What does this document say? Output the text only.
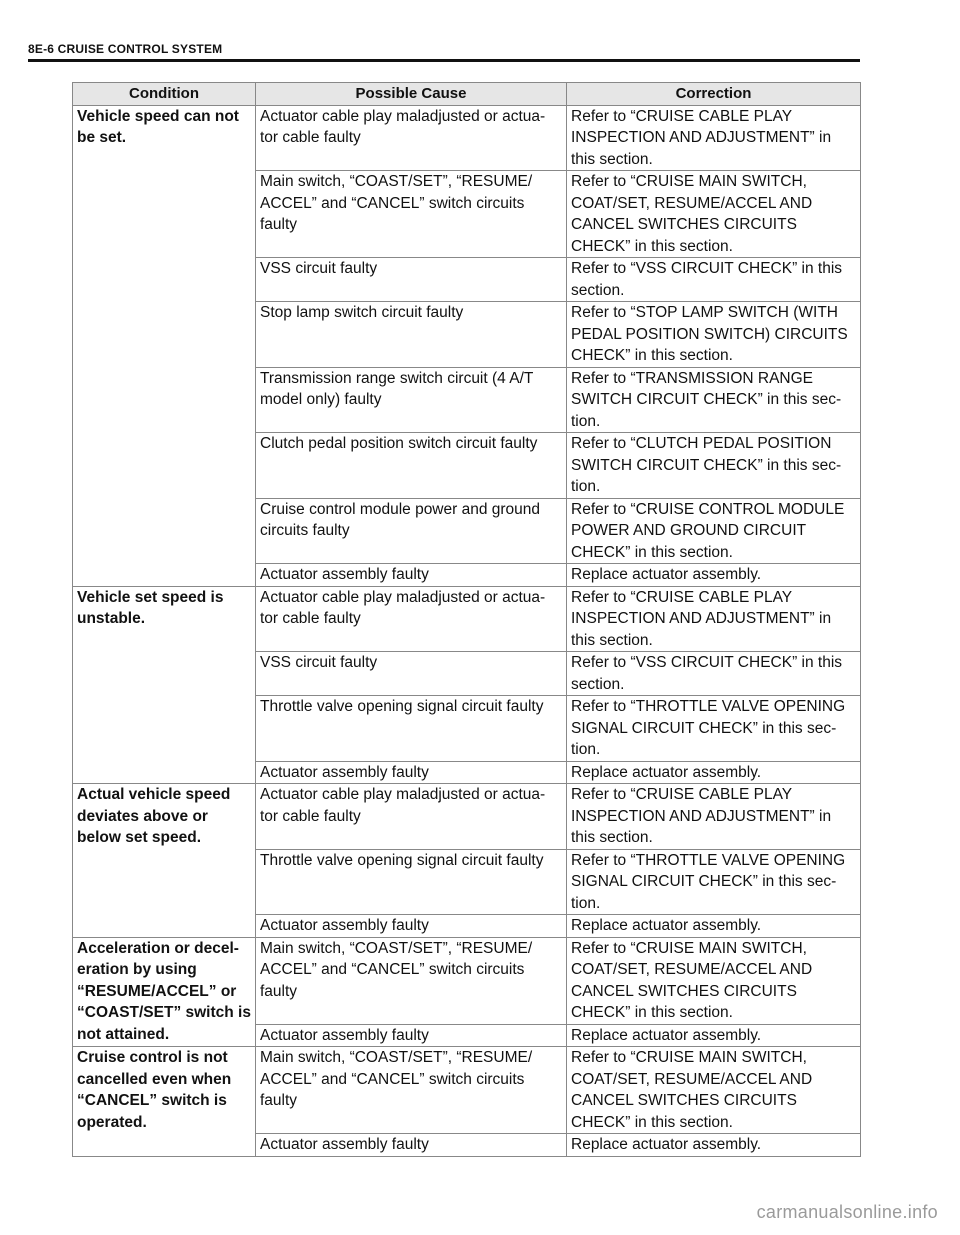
8E-6 CRUISE CONTROL SYSTEM
Condition	Possible Cause	Correction
Vehicle speed can not be set.	Actuator cable play maladjusted or actua-tor cable faulty	Refer to “CRUISE CABLE PLAY INSPECTION AND ADJUSTMENT” in this section.
	Main switch, “COAST/SET”, “RESUME/ ACCEL” and “CANCEL” switch circuits faulty	Refer to “CRUISE MAIN SWITCH, COAT/SET, RESUME/ACCEL AND CANCEL SWITCHES CIRCUITS CHECK” in this section.
	VSS circuit faulty	Refer to “VSS CIRCUIT CHECK” in this section.
	Stop lamp switch circuit faulty	Refer to “STOP LAMP SWITCH (WITH PEDAL POSITION SWITCH) CIRCUITS CHECK” in this section.
	Transmission range switch circuit (4 A/T model only) faulty	Refer to “TRANSMISSION RANGE SWITCH CIRCUIT CHECK” in this sec-tion.
	Clutch pedal position switch circuit faulty	Refer to “CLUTCH PEDAL POSITION SWITCH CIRCUIT CHECK” in this sec-tion.
	Cruise control module power and ground circuits faulty	Refer to “CRUISE CONTROL MODULE POWER AND GROUND CIRCUIT CHECK” in this section.
	Actuator assembly faulty	Replace actuator assembly.
Vehicle set speed is unstable.	Actuator cable play maladjusted or actua-tor cable faulty	Refer to “CRUISE CABLE PLAY INSPECTION AND ADJUSTMENT” in this section.
	VSS circuit faulty	Refer to “VSS CIRCUIT CHECK” in this section.
	Throttle valve opening signal circuit faulty	Refer to “THROTTLE VALVE OPENING SIGNAL CIRCUIT CHECK” in this sec-tion.
	Actuator assembly faulty	Replace actuator assembly.
Actual vehicle speed deviates above or below set speed.	Actuator cable play maladjusted or actua-tor cable faulty	Refer to “CRUISE CABLE PLAY INSPECTION AND ADJUSTMENT” in this section.
	Throttle valve opening signal circuit faulty	Refer to “THROTTLE VALVE OPENING SIGNAL CIRCUIT CHECK” in this sec-tion.
	Actuator assembly faulty	Replace actuator assembly.
Acceleration or decel-eration by using “RESUME/ACCEL” or “COAST/SET” switch is not attained.	Main switch, “COAST/SET”, “RESUME/ ACCEL” and “CANCEL” switch circuits faulty	Refer to “CRUISE MAIN SWITCH, COAT/SET, RESUME/ACCEL AND CANCEL SWITCHES CIRCUITS CHECK” in this section.
	Actuator assembly faulty	Replace actuator assembly.
Cruise control is not cancelled even when “CANCEL” switch is operated.	Main switch, “COAST/SET”, “RESUME/ ACCEL” and “CANCEL” switch circuits faulty	Refer to “CRUISE MAIN SWITCH, COAT/SET, RESUME/ACCEL AND CANCEL SWITCHES CIRCUITS CHECK” in this section.
	Actuator assembly faulty	Replace actuator assembly.
carmanualsonline.info
